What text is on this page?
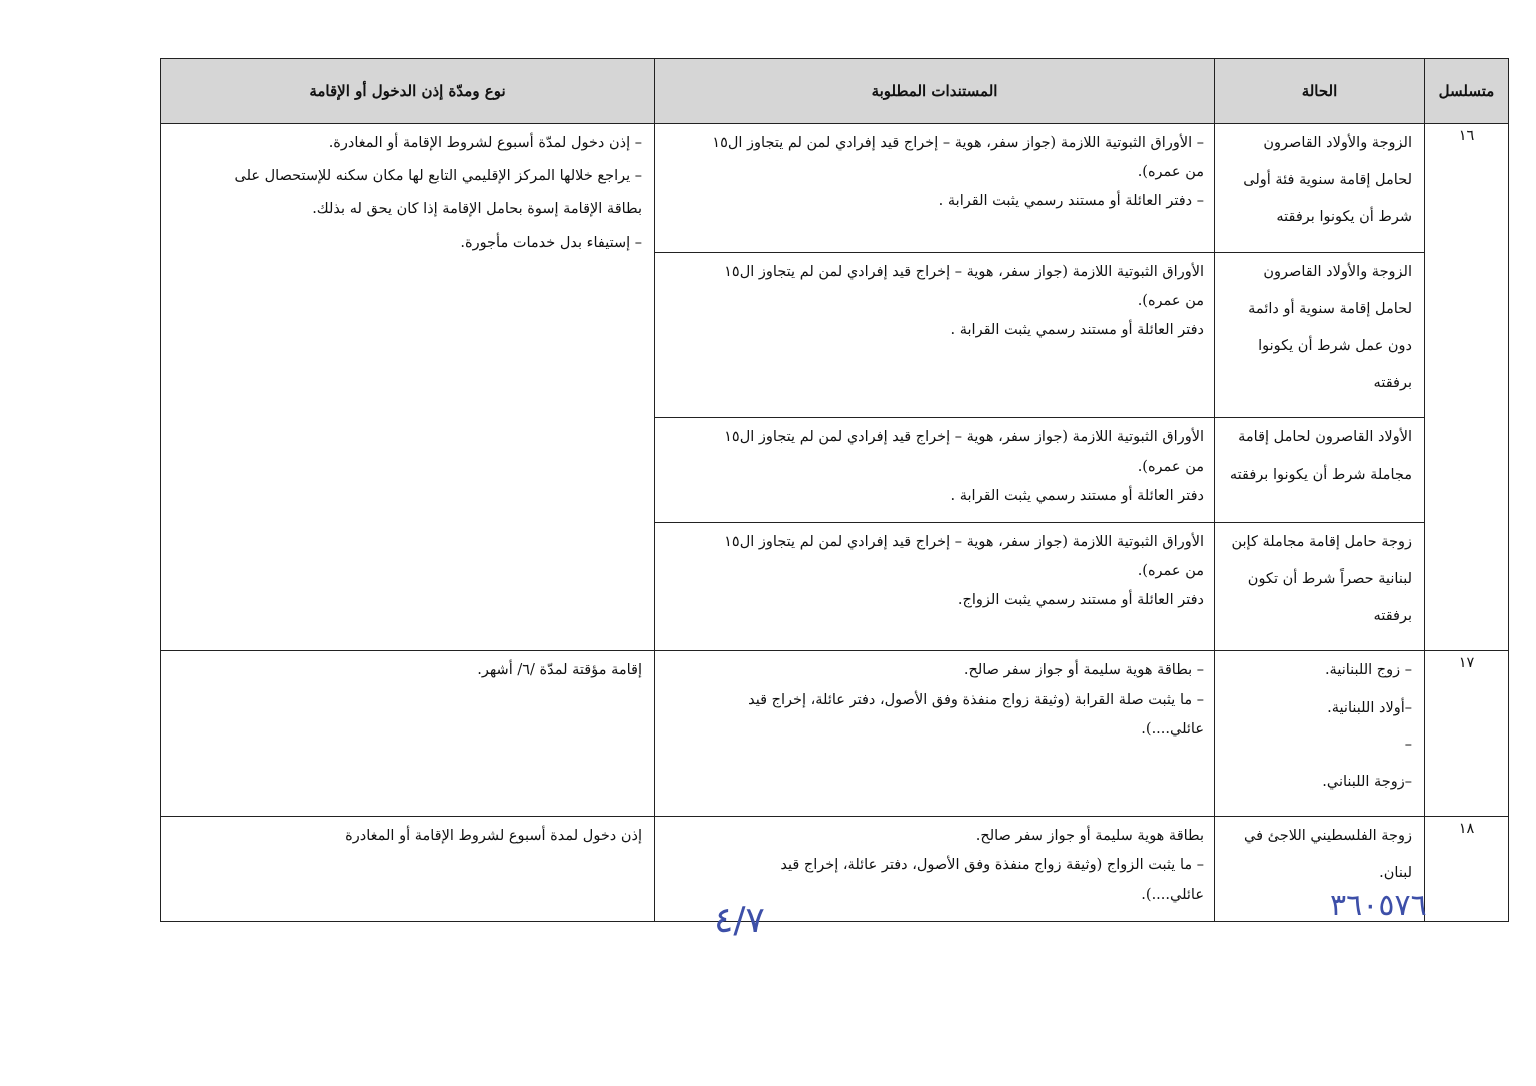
متسلسل	الحالة	المستندات المطلوبة	نوع ومدّة إذن الدخول أو الإقامة
١٦	الزوجة والأولاد القاصرون
لحامل إقامة سنوية فئة أولى
شرط أن يكونوا برفقته	– الأوراق الثبوتية اللازمة (جواز سفر، هوية – إخراج قيد إفرادي لمن لم يتجاوز ال١٥
من عمره).
– دفتر العائلة أو مستند رسمي يثبت القرابة .	– إذن دخول لمدّة أسبوع لشروط الإقامة أو المغادرة.
– يراجع خلالها المركز الإقليمي التابع لها مكان سكنه للإستحصال على
بطاقة الإقامة إسوة بحامل الإقامة إذا كان يحق له بذلك.
– إستيفاء بدل خدمات مأجورة.

	الزوجة والأولاد القاصرون
لحامل إقامة سنوية أو دائمة
دون عمل شرط أن يكونوا
برفقته	الأوراق الثبوتية اللازمة (جواز سفر، هوية – إخراج قيد إفرادي لمن لم يتجاوز ال١٥
من عمره).
دفتر العائلة أو مستند رسمي يثبت القرابة .	

	الأولاد القاصرون لحامل إقامة
مجاملة شرط أن يكونوا برفقته	الأوراق الثبوتية اللازمة (جواز سفر، هوية – إخراج قيد إفرادي لمن لم يتجاوز ال١٥
من عمره).
دفتر العائلة أو مستند رسمي يثبت القرابة .	

	زوجة حامل إقامة مجاملة كإبن
لبنانية حصراً شرط أن تكون
برفقته	الأوراق الثبوتية اللازمة (جواز سفر، هوية – إخراج قيد إفرادي لمن لم يتجاوز ال١٥
من عمره).
دفتر العائلة أو مستند رسمي يثبت الزواج.	

١٧	– زوج اللبنانية.
–أولاد اللبنانية.
–
–زوجة اللبناني.	– بطاقة هوية سليمة أو جواز سفر صالح.
– ما يثبت صلة القرابة (وثيقة زواج منفذة وفق الأصول، دفتر عائلة، إخراج قيد
عائلي....).	إقامة مؤقتة لمدّة /٦/ أشهر.

١٨	زوجة الفلسطيني اللاجئ في
لبنان.	بطاقة هوية سليمة أو جواز سفر صالح.
– ما يثبت الزواج (وثيقة زواج منفذة وفق الأصول، دفتر عائلة، إخراج قيد
عائلي....).	إذن دخول لمدة أسبوع لشروط الإقامة أو المغادرة
٤/٧	٣٦٠٥٧٦
